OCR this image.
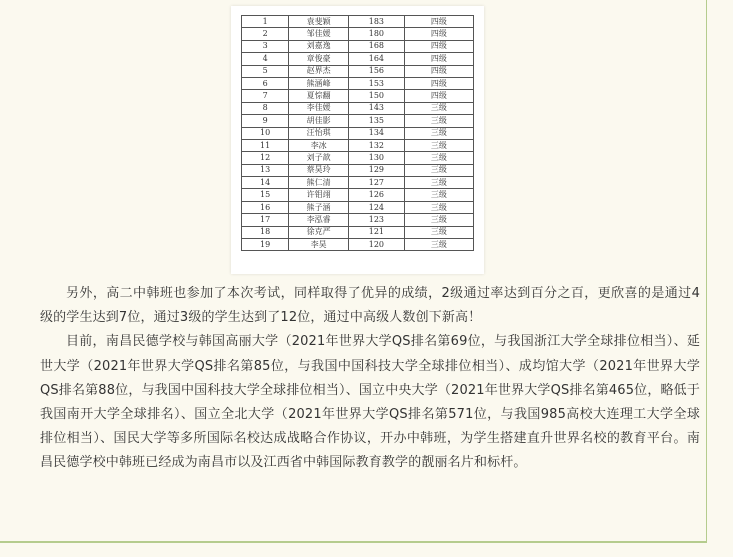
1	袁斐颖	183	四级
2	邹佳媛	180	四级
3	刘嘉逸	168	四级
4	章俊豪	164	四级
5	赵界杰	156	四级
6	熊涵峰	153	四级
7	夏悰翻	150	四级
8	李佳媛	143	三级
9	胡佳影	135	三级
10	汪怡琪	134	三级
11	李冰	132	三级
12	刘子歆	130	三级
13	蔡昊玲	129	三级
14	熊仁清	127	三级
15	许钼翊	126	三级
16	熊子涵	124	三级
17	李泓睿	123	三级
18	徐克严	121	三级
19	李昊	120	三级

另外，高二中韩班也参加了本次考试，同样取得了优异的成绩，2级通过率达到百分之百，更欣喜的是通过4级的学生达到7位，通过3级的学生达到了12位，通过中高级人数创下新高！

目前，南昌民德学校与韩国高丽大学（2021年世界大学QS排名第69位，与我国浙江大学全球排位相当）、延世大学（2021年世界大学QS排名第85位，与我国中国科技大学全球排位相当）、成均馆大学（2021年世界大学QS排名第88位，与我国中国科技大学全球排位相当）、国立中央大学（2021年世界大学QS排名第465位，略低于我国南开大学全球排名）、国立全北大学（2021年世界大学QS排名第571位，与我国985高校大连理工大学全球排位相当）、国民大学等多所国际名校达成战略合作协议，开办中韩班，为学生搭建直升世界名校的教育平台。南昌民德学校中韩班已经成为南昌市以及江西省中韩国际教育教学的靓丽名片和标杆。
